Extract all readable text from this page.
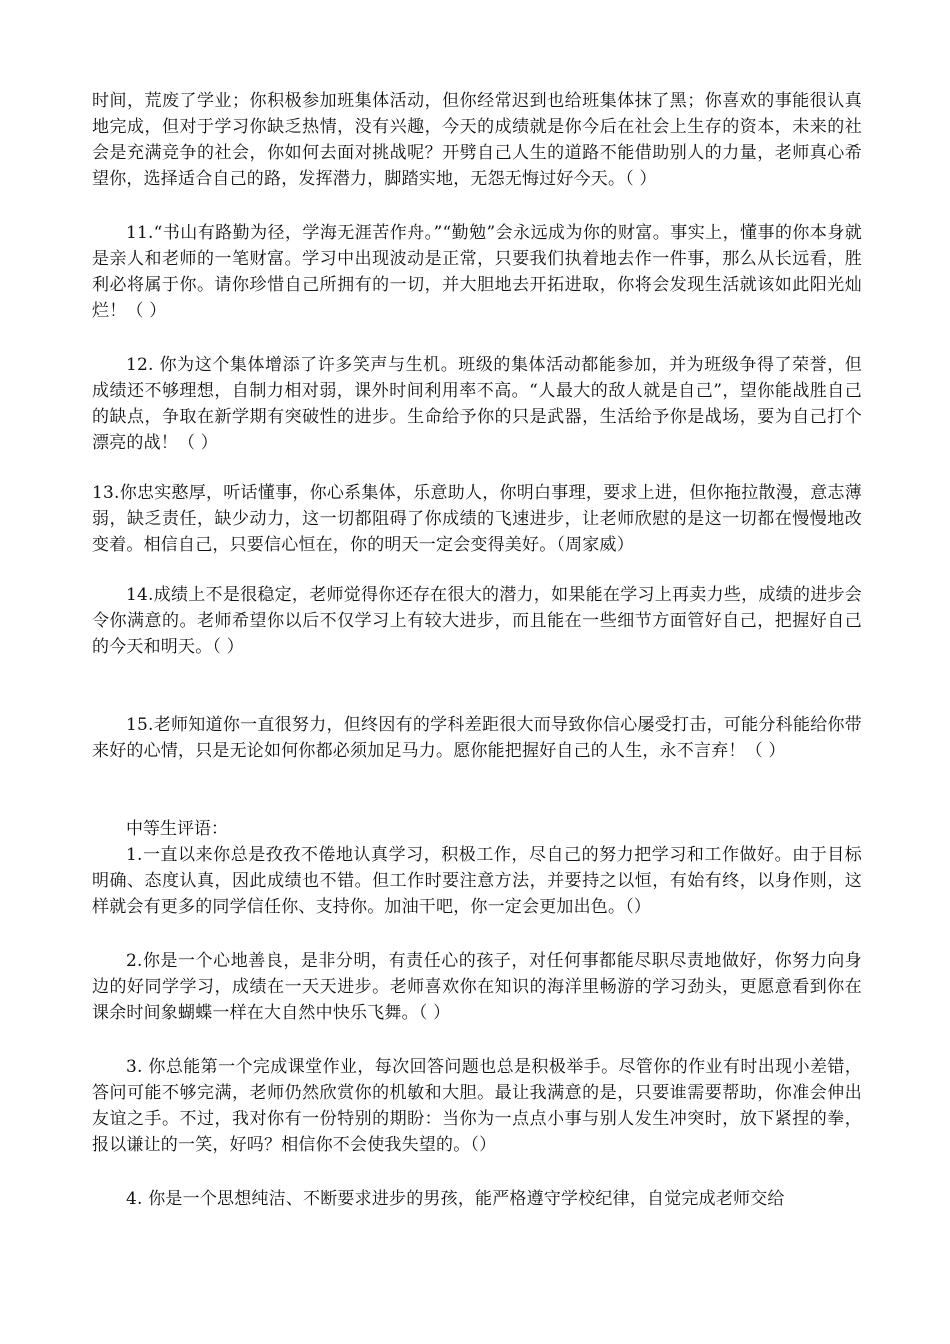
时间，荒废了学业；你积极参加班集体活动，但你经常迟到也给班集体抹了黑；你喜欢的事能很认真地完成，但对于学习你缺乏热情，没有兴趣，今天的成绩就是你今后在社会上生存的资本，未来的社会是充满竞争的社会，你如何去面对挑战呢？开劈自己人生的道路不能借助别人的力量，老师真心希望你，选择适合自己的路，发挥潜力，脚踏实地，无怨无悔过好今天。（ ）

11.“书山有路勤为径，学海无涯苦作舟。”“勤勉”会永远成为你的财富。事实上，懂事的你本身就是亲人和老师的一笔财富。学习中出现波动是正常，只要我们执着地去作一件事，那么从长远看，胜利必将属于你。请你珍惜自己所拥有的一切，并大胆地去开拓进取，你将会发现生活就该如此阳光灿烂！（ ）

12. 你为这个集体增添了许多笑声与生机。班级的集体活动都能参加，并为班级争得了荣誉，但成绩还不够理想，自制力相对弱，课外时间利用率不高。“人最大的敌人就是自己”，望你能战胜自己的缺点，争取在新学期有突破性的进步。生命给予你的只是武器，生活给予你是战场，要为自己打个漂亮的战！（ ）

13.你忠实憨厚，听话懂事，你心系集体，乐意助人，你明白事理，要求上进，但你拖拉散漫，意志薄弱，缺乏责任，缺少动力，这一切都阻碍了你成绩的飞速进步，让老师欣慰的是这一切都在慢慢地改变着。相信自己，只要信心恒在，你的明天一定会变得美好。（周家威）

14.成绩上不是很稳定，老师觉得你还存在很大的潜力，如果能在学习上再卖力些，成绩的进步会令你满意的。老师希望你以后不仅学习上有较大进步，而且能在一些细节方面管好自己，把握好自己的今天和明天。（ ）

15.老师知道你一直很努力，但终因有的学科差距很大而导致你信心屡受打击，可能分科能给你带来好的心情，只是无论如何你都必须加足马力。愿你能把握好自己的人生，永不言弃！（ ）

中等生评语：

1.一直以来你总是孜孜不倦地认真学习，积极工作，尽自己的努力把学习和工作做好。由于目标明确、态度认真，因此成绩也不错。但工作时要注意方法，并要持之以恒，有始有终，以身作则，这样就会有更多的同学信任你、支持你。加油干吧，你一定会更加出色。（）

2.你是一个心地善良，是非分明，有责任心的孩子，对任何事都能尽职尽责地做好，你努力向身边的好同学学习，成绩在一天天进步。老师喜欢你在知识的海洋里畅游的学习劲头，更愿意看到你在课余时间象蝴蝶一样在大自然中快乐飞舞。（ ）

3. 你总能第一个完成课堂作业，每次回答问题也总是积极举手。尽管你的作业有时出现小差错，答问可能不够完满，老师仍然欣赏你的机敏和大胆。最让我满意的是，只要谁需要帮助，你准会伸出友谊之手。不过，我对你有一份特别的期盼：当你为一点点小事与别人发生冲突时，放下紧捏的拳，报以谦让的一笑，好吗？相信你不会使我失望的。（）

4. 你是一个思想纯洁、不断要求进步的男孩，能严格遵守学校纪律，自觉完成老师交给
